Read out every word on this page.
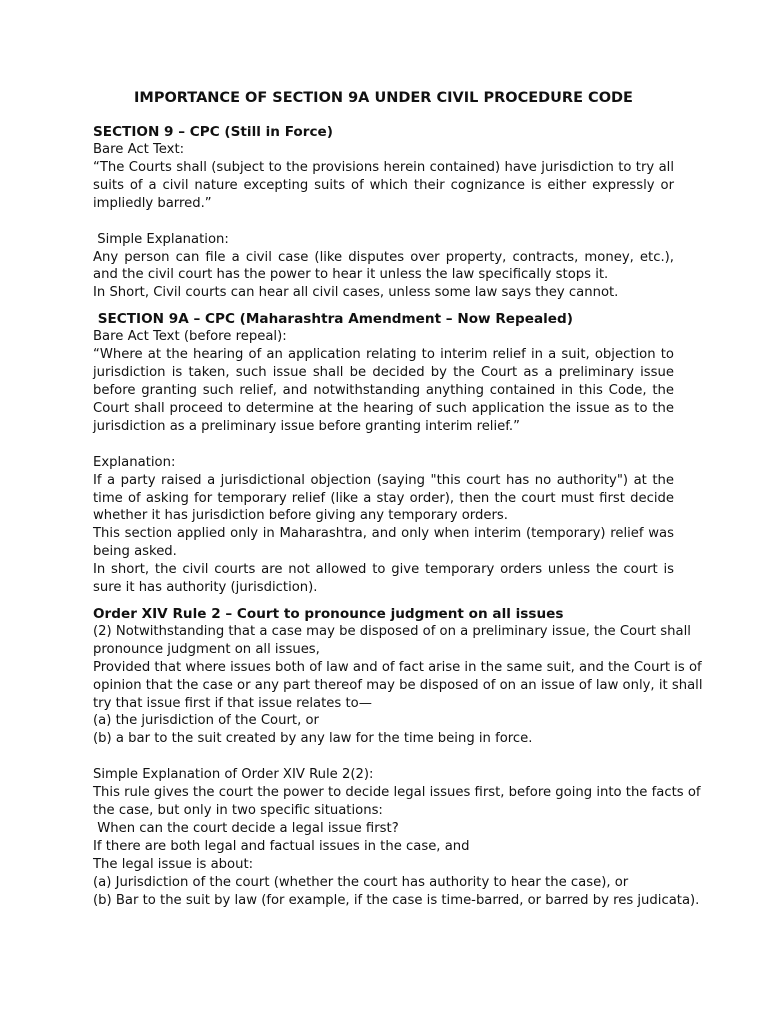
IMPORTANCE OF SECTION 9A UNDER CIVIL PROCEDURE CODE

SECTION 9 – CPC (Still in Force)

Bare Act Text:

“The Courts shall (subject to the provisions herein contained) have jurisdiction to try all suits of a civil nature excepting suits of which their cognizance is either expressly or impliedly barred.”

Simple Explanation:

Any person can file a civil case (like disputes over property, contracts, money, etc.), and the civil court has the power to hear it unless the law specifically stops it.

In Short, Civil courts can hear all civil cases, unless some law says they cannot.

SECTION 9A – CPC (Maharashtra Amendment – Now Repealed)

Bare Act Text (before repeal):

“Where at the hearing of an application relating to interim relief in a suit, objection to jurisdiction is taken, such issue shall be decided by the Court as a preliminary issue before granting such relief, and notwithstanding anything contained in this Code, the Court shall proceed to determine at the hearing of such application the issue as to the jurisdiction as a preliminary issue before granting interim relief.”

Explanation:

If a party raised a jurisdictional objection (saying "this court has no authority") at the time of asking for temporary relief (like a stay order), then the court must first decide whether it has jurisdiction before giving any temporary orders.

This section applied only in Maharashtra, and only when interim (temporary) relief was being asked.

In short, the civil courts are not allowed to give temporary orders unless the court is sure it has authority (jurisdiction).

Order XIV Rule 2 – Court to pronounce judgment on all issues

(2) Notwithstanding that a case may be disposed of on a preliminary issue, the Court shall

pronounce judgment on all issues,

Provided that where issues both of law and of fact arise in the same suit, and the Court is of

opinion that the case or any part thereof may be disposed of on an issue of law only, it shall

try that issue first if that issue relates to—

(a) the jurisdiction of the Court, or

(b) a bar to the suit created by any law for the time being in force.

Simple Explanation of Order XIV Rule 2(2):

This rule gives the court the power to decide legal issues first, before going into the facts of

the case, but only in two specific situations:

When can the court decide a legal issue first?

If there are both legal and factual issues in the case, and

The legal issue is about:

(a) Jurisdiction of the court (whether the court has authority to hear the case), or

(b) Bar to the suit by law (for example, if the case is time-barred, or barred by res judicata).
